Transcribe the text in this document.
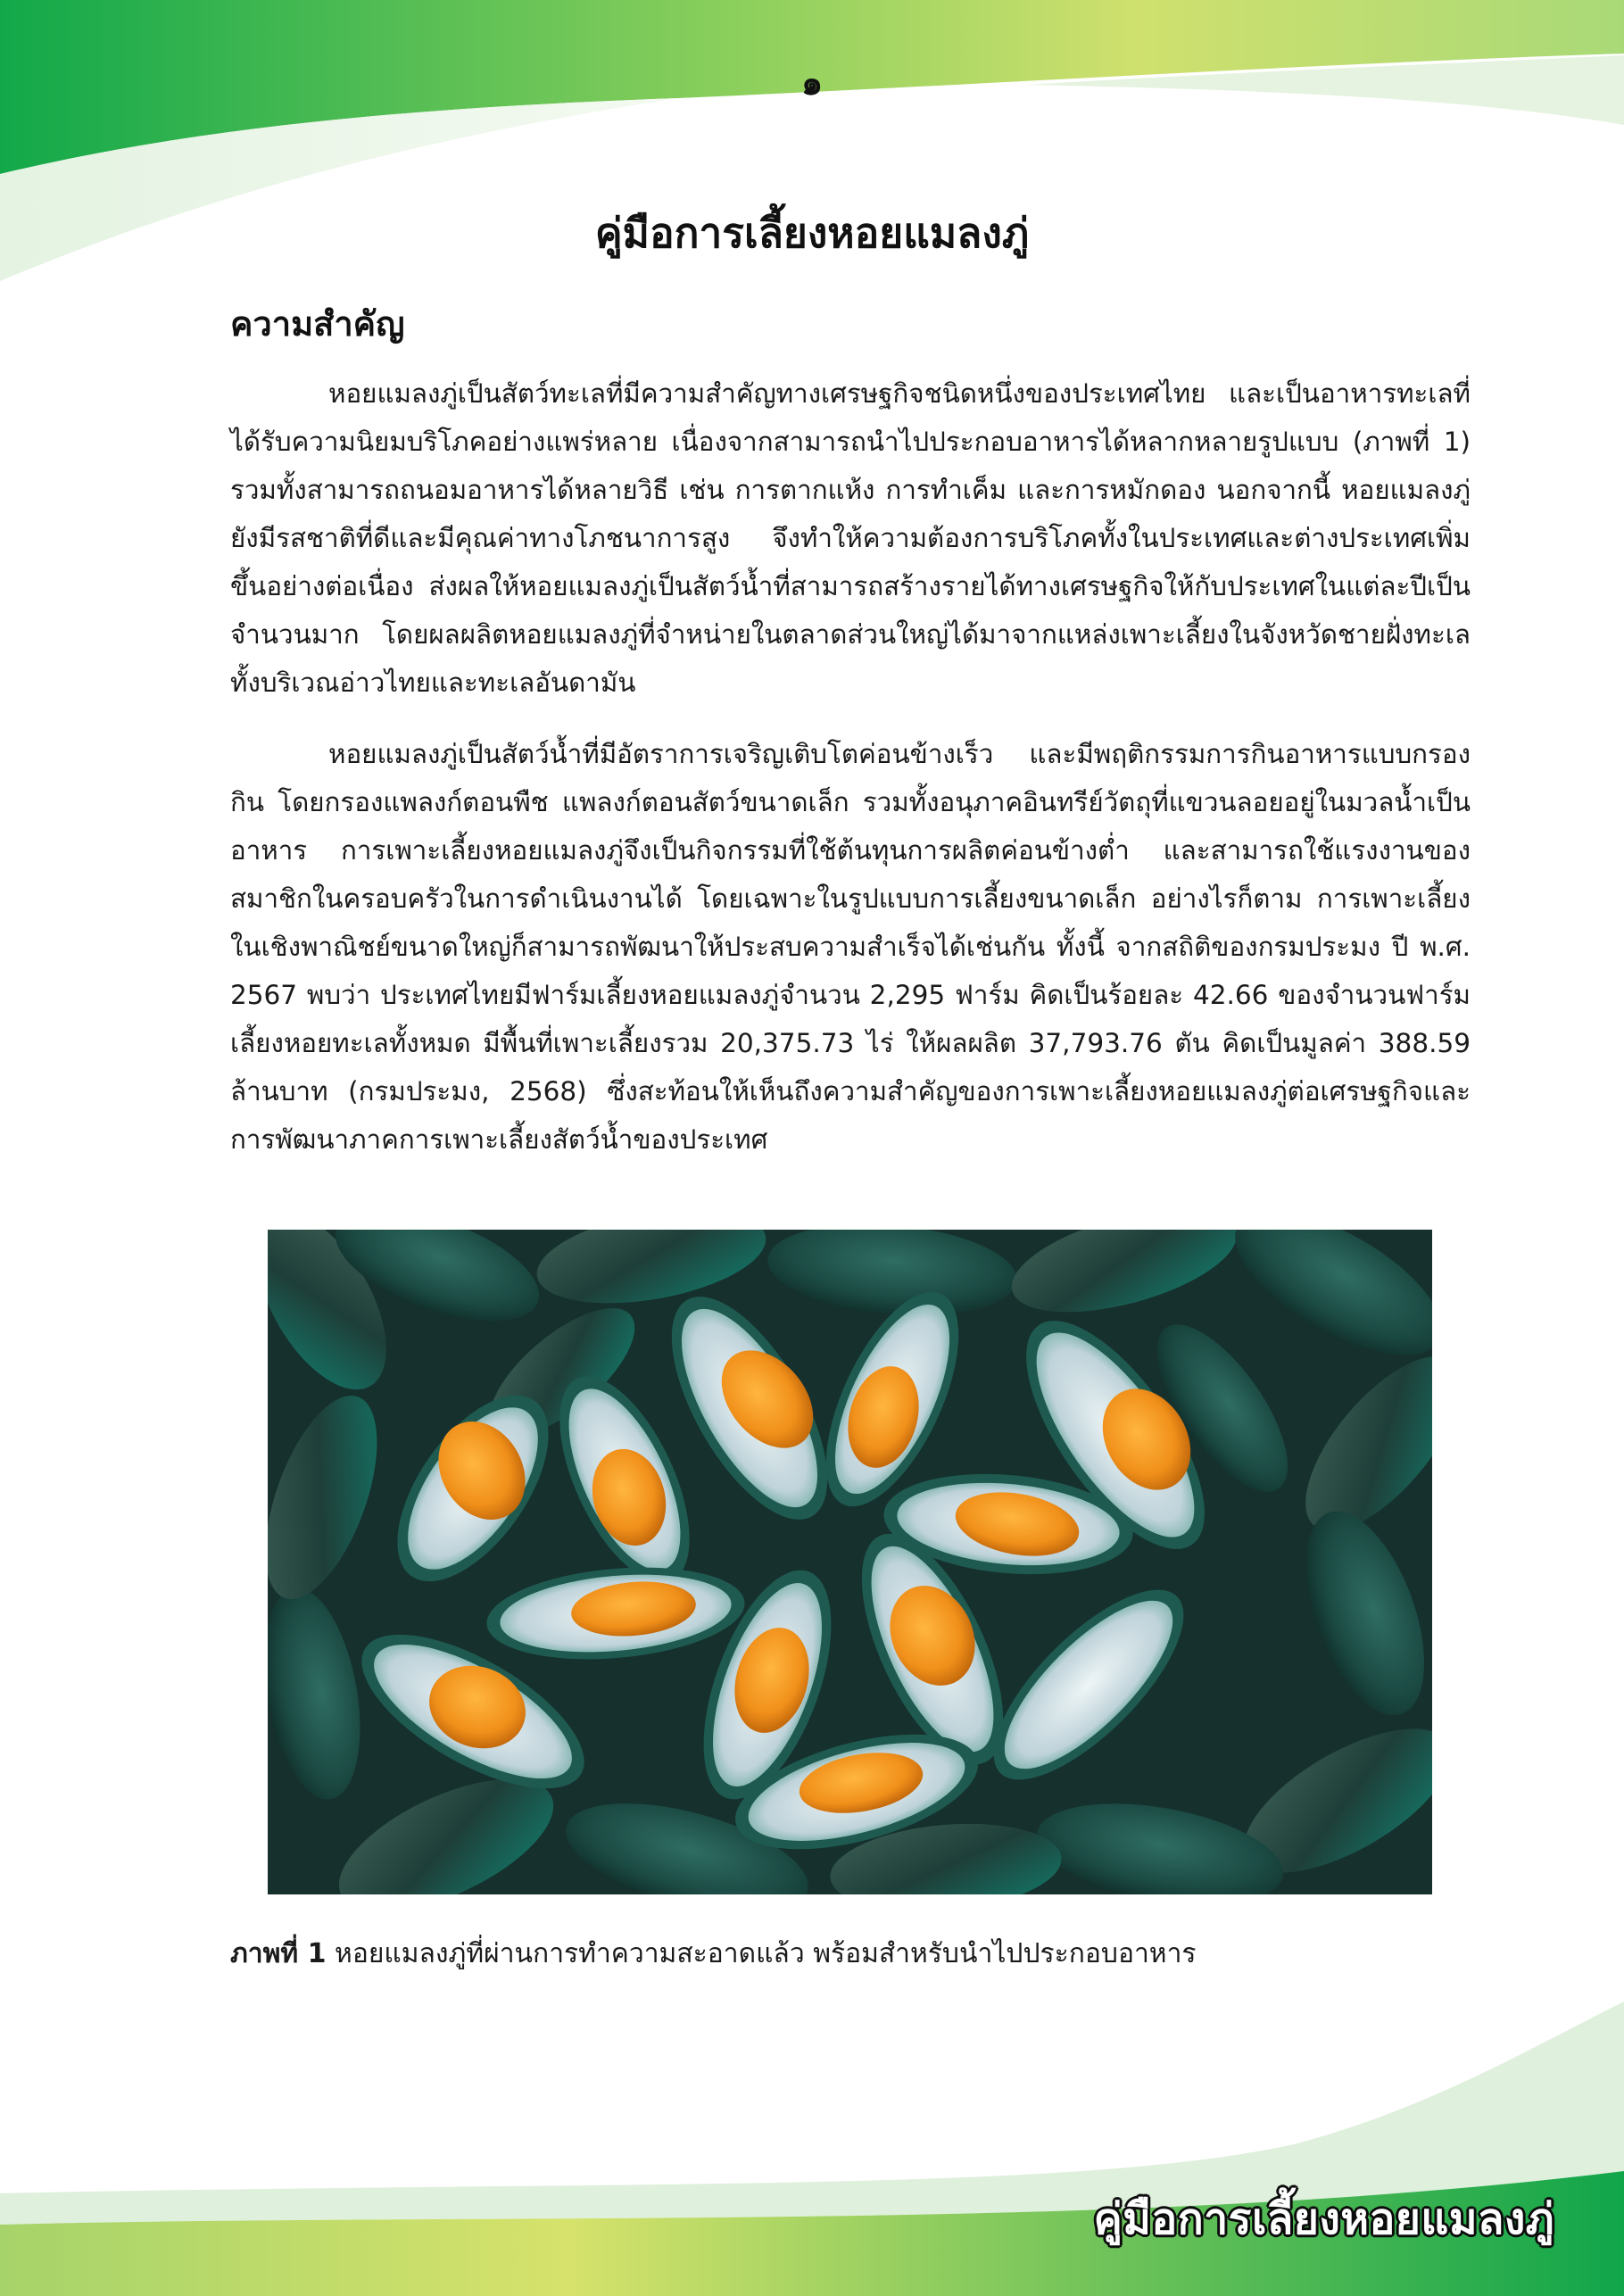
๑
คู่มือการเลี้ยงหอยแมลงภู่
ความสำคัญ

หอยแมลงภู่เป็นสัตว์ทะเลที่มีความสำคัญทางเศรษฐกิจชนิดหนึ่งของประเทศไทย และเป็นอาหารทะเลที่ได้รับความนิยมบริโภคอย่างแพร่หลาย เนื่องจากสามารถนำไปประกอบอาหารได้หลากหลายรูปแบบ (ภาพที่ 1) รวมทั้งสามารถถนอมอาหารได้หลายวิธี เช่น การตากแห้ง การทำเค็ม และการหมักดอง นอกจากนี้ หอยแมลงภู่ยังมีรสชาติที่ดีและมีคุณค่าทางโภชนาการสูง จึงทำให้ความต้องการบริโภคทั้งในประเทศและต่างประเทศเพิ่มขึ้นอย่างต่อเนื่อง ส่งผลให้หอยแมลงภู่เป็นสัตว์น้ำที่สามารถสร้างรายได้ทางเศรษฐกิจให้กับประเทศในแต่ละปีเป็นจำนวนมาก โดยผลผลิตหอยแมลงภู่ที่จำหน่ายในตลาดส่วนใหญ่ได้มาจากแหล่งเพาะเลี้ยงในจังหวัดชายฝั่งทะเลทั้งบริเวณอ่าวไทยและทะเลอันดามัน

หอยแมลงภู่เป็นสัตว์น้ำที่มีอัตราการเจริญเติบโตค่อนข้างเร็ว และมีพฤติกรรมการกินอาหารแบบกรองกิน โดยกรองแพลงก์ตอนพืช แพลงก์ตอนสัตว์ขนาดเล็ก รวมทั้งอนุภาคอินทรีย์วัตถุที่แขวนลอยอยู่ในมวลน้ำเป็นอาหาร การเพาะเลี้ยงหอยแมลงภู่จึงเป็นกิจกรรมที่ใช้ต้นทุนการผลิตค่อนข้างต่ำ และสามารถใช้แรงงานของสมาชิกในครอบครัวในการดำเนินงานได้ โดยเฉพาะในรูปแบบการเลี้ยงขนาดเล็ก อย่างไรก็ตาม การเพาะเลี้ยงในเชิงพาณิชย์ขนาดใหญ่ก็สามารถพัฒนาให้ประสบความสำเร็จได้เช่นกัน ทั้งนี้ จากสถิติของกรมประมง ปี พ.ศ. 2567 พบว่า ประเทศไทยมีฟาร์มเลี้ยงหอยแมลงภู่จำนวน 2,295 ฟาร์ม คิดเป็นร้อยละ 42.66 ของจำนวนฟาร์มเลี้ยงหอยทะเลทั้งหมด มีพื้นที่เพาะเลี้ยงรวม 20,375.73 ไร่ ให้ผลผลิต 37,793.76 ตัน คิดเป็นมูลค่า 388.59 ล้านบาท (กรมประมง, 2568) ซึ่งสะท้อนให้เห็นถึงความสำคัญของการเพาะเลี้ยงหอยแมลงภู่ต่อเศรษฐกิจและการพัฒนาภาคการเพาะเลี้ยงสัตว์น้ำของประเทศ

ภาพที่ 1 หอยแมลงภู่ที่ผ่านการทำความสะอาดแล้ว พร้อมสำหรับนำไปประกอบอาหาร
คู่มือการเลี้ยงหอยแมลงภู่
